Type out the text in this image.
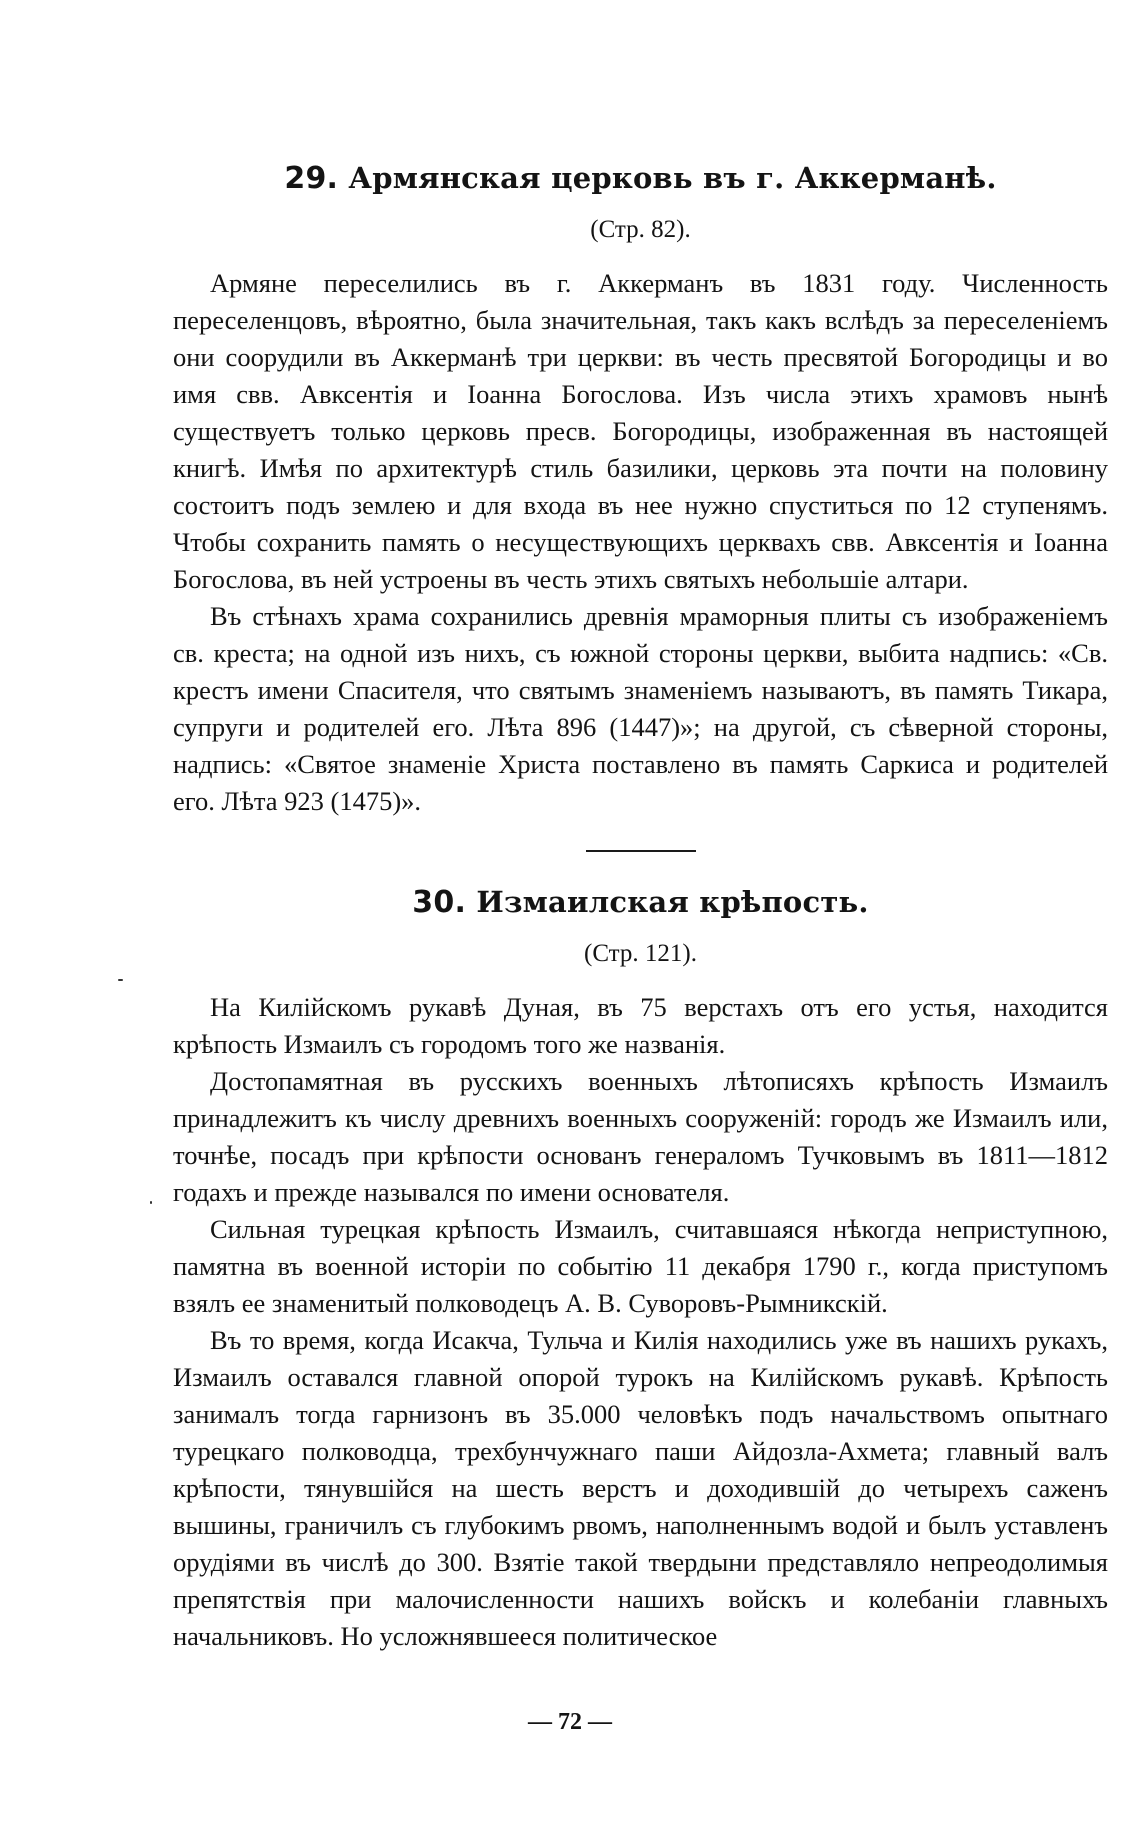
29. Армянская церковь въ г. Аккерманѣ.
(Стр. 82).

Армяне переселились въ г. Аккерманъ въ 1831 году. Численность переселенцовъ, вѣроятно, была значительная, такъ какъ вслѣдъ за переселеніемъ они соорудили въ Аккерманѣ три церкви: въ честь пресвятой Богородицы и во имя свв. Авксентія и Іоанна Богослова. Изъ числа этихъ храмовъ нынѣ существуетъ только церковь пресв. Богородицы, изображенная въ настоящей книгѣ. Имѣя по архитектурѣ стиль базилики, церковь эта почти на половину состоитъ подъ землею и для входа въ нее нужно спуститься по 12 ступенямъ. Чтобы сохранить память о несуществующихъ церквахъ свв. Авксентія и Іоанна Богослова, въ ней устроены въ честь этихъ святыхъ небольшіе алтари.

Въ стѣнахъ храма сохранились древнія мраморныя плиты съ изображеніемъ св. креста; на одной изъ нихъ, съ южной стороны церкви, выбита надпись: «Св. крестъ имени Спасителя, что святымъ знаменіемъ называютъ, въ память Тикара, супруги и родителей его. Лѣта 896 (1447)»; на другой, съ сѣверной стороны, надпись: «Святое знаменіе Христа поставлено въ память Саркиса и родителей его. Лѣта 923 (1475)».

30. Измаилская крѣпость.
(Стр. 121).

На Килійскомъ рукавѣ Дуная, въ 75 верстахъ отъ его устья, находится крѣпость Измаилъ съ городомъ того же названія.

Достопамятная въ русскихъ военныхъ лѣтописяхъ крѣпость Измаилъ принадлежитъ къ числу древнихъ военныхъ сооруженій: городъ же Измаилъ или, точнѣе, посадъ при крѣпости основанъ генераломъ Тучковымъ въ 1811—1812 годахъ и прежде назывался по имени основателя.

Сильная турецкая крѣпость Измаилъ, считавшаяся нѣкогда неприступною, памятна въ военной исторіи по событію 11 декабря 1790 г., когда приступомъ взялъ ее знаменитый полководецъ А. В. Суворовъ-Рымникскій.

Въ то время, когда Исакча, Тульча и Килія находились уже въ нашихъ рукахъ, Измаилъ оставался главной опорой турокъ на Килійскомъ рукавѣ. Крѣпость занималъ тогда гарнизонъ въ 35.000 человѣкъ подъ начальствомъ опытнаго турецкаго полководца, трехбунчужнаго паши Айдозла-Ахмета; главный валъ крѣпости, тянувшійся на шесть верстъ и доходившій до четырехъ саженъ вышины, граничилъ съ глубокимъ рвомъ, наполненнымъ водой и былъ уставленъ орудіями въ числѣ до 300. Взятіе такой твердыни представляло непреодолимыя препятствія при малочисленности нашихъ войскъ и колебаніи главныхъ начальниковъ. Но усложнявшееся политическое

— 72 —
